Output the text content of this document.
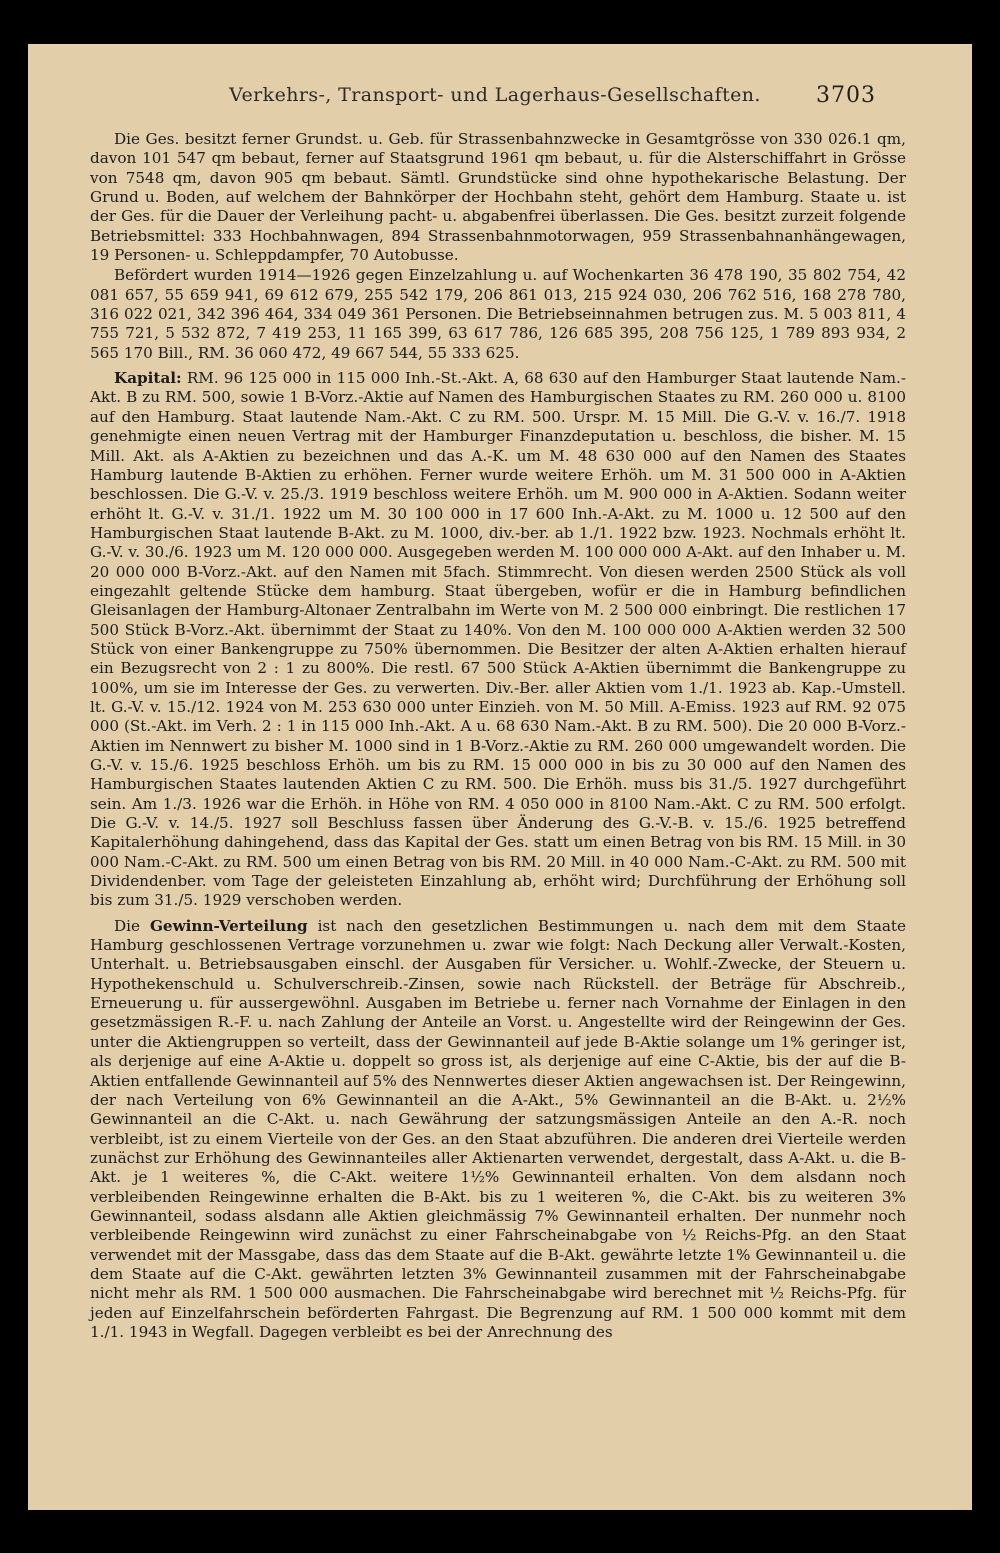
Verkehrs-, Transport- und Lagerhaus-Gesellschaften.	3703

Die Ges. besitzt ferner Grundst. u. Geb. für Strassenbahnzwecke in Gesamtgrösse von 330 026.1 qm, davon 101 547 qm bebaut, ferner auf Staatsgrund 1961 qm bebaut, u. für die Alsterschiffahrt in Grösse von 7548 qm, davon 905 qm bebaut. Sämtl. Grundstücke sind ohne hypothekarische Belastung. Der Grund u. Boden, auf welchem der Bahnkörper der Hochbahn steht, gehört dem Hamburg. Staate u. ist der Ges. für die Dauer der Verleihung pacht- u. abgabenfrei überlassen. Die Ges. besitzt zurzeit folgende Betriebsmittel: 333 Hochbahnwagen, 894 Strassenbahnmotorwagen, 959 Strassenbahnanhängewagen, 19 Personen- u. Schleppdampfer, 70 Autobusse.

Befördert wurden 1914—1926 gegen Einzelzahlung u. auf Wochenkarten 36 478 190, 35 802 754, 42 081 657, 55 659 941, 69 612 679, 255 542 179, 206 861 013, 215 924 030, 206 762 516, 168 278 780, 316 022 021, 342 396 464, 334 049 361 Personen. Die Betriebseinnahmen betrugen zus. M. 5 003 811, 4 755 721, 5 532 872, 7 419 253, 11 165 399, 63 617 786, 126 685 395, 208 756 125, 1 789 893 934, 2 565 170 Bill., RM. 36 060 472, 49 667 544, 55 333 625.

Kapital: RM. 96 125 000 in 115 000 Inh.-St.-Akt. A, 68 630 auf den Hamburger Staat lautende Nam.-Akt. B zu RM. 500, sowie 1 B-Vorz.-Aktie auf Namen des Hamburgischen Staates zu RM. 260 000 u. 8100 auf den Hamburg. Staat lautende Nam.-Akt. C zu RM. 500. Urspr. M. 15 Mill. Die G.-V. v. 16./7. 1918 genehmigte einen neuen Vertrag mit der Hamburger Finanzdeputation u. beschloss, die bisher. M. 15 Mill. Akt. als A-Aktien zu bezeichnen und das A.-K. um M. 48 630 000 auf den Namen des Staates Hamburg lautende B-Aktien zu erhöhen. Ferner wurde weitere Erhöh. um M. 31 500 000 in A-Aktien beschlossen. Die G.-V. v. 25./3. 1919 beschloss weitere Erhöh. um M. 900 000 in A-Aktien. Sodann weiter erhöht lt. G.-V. v. 31./1. 1922 um M. 30 100 000 in 17 600 Inh.-A-Akt. zu M. 1000 u. 12 500 auf den Hamburgischen Staat lautende B-Akt. zu M. 1000, div.-ber. ab 1./1. 1922 bzw. 1923. Nochmals erhöht lt. G.-V. v. 30./6. 1923 um M. 120 000 000. Ausgegeben werden M. 100 000 000 A-Akt. auf den Inhaber u. M. 20 000 000 B-Vorz.-Akt. auf den Namen mit 5fach. Stimmrecht. Von diesen werden 2500 Stück als voll eingezahlt geltende Stücke dem hamburg. Staat übergeben, wofür er die in Hamburg befindlichen Gleisanlagen der Hamburg-Altonaer Zentralbahn im Werte von M. 2 500 000 einbringt. Die restlichen 17 500 Stück B-Vorz.-Akt. übernimmt der Staat zu 140%. Von den M. 100 000 000 A-Aktien werden 32 500 Stück von einer Bankengruppe zu 750% übernommen. Die Besitzer der alten A-Aktien erhalten hierauf ein Bezugsrecht von 2 : 1 zu 800%. Die restl. 67 500 Stück A-Aktien übernimmt die Bankengruppe zu 100%, um sie im Interesse der Ges. zu verwerten. Div.-Ber. aller Aktien vom 1./1. 1923 ab. Kap.-Umstell. lt. G.-V. v. 15./12. 1924 von M. 253 630 000 unter Einzieh. von M. 50 Mill. A-Emiss. 1923 auf RM. 92 075 000 (St.-Akt. im Verh. 2 : 1 in 115 000 Inh.-Akt. A u. 68 630 Nam.-Akt. B zu RM. 500). Die 20 000 B-Vorz.-Aktien im Nennwert zu bisher M. 1000 sind in 1 B-Vorz.-Aktie zu RM. 260 000 umgewandelt worden. Die G.-V. v. 15./6. 1925 beschloss Erhöh. um bis zu RM. 15 000 000 in bis zu 30 000 auf den Namen des Hamburgischen Staates lautenden Aktien C zu RM. 500. Die Erhöh. muss bis 31./5. 1927 durchgeführt sein. Am 1./3. 1926 war die Erhöh. in Höhe von RM. 4 050 000 in 8100 Nam.-Akt. C zu RM. 500 erfolgt. Die G.-V. v. 14./5. 1927 soll Beschluss fassen über Änderung des G.-V.-B. v. 15./6. 1925 betreffend Kapitalerhöhung dahingehend, dass das Kapital der Ges. statt um einen Betrag von bis RM. 15 Mill. in 30 000 Nam.-C-Akt. zu RM. 500 um einen Betrag von bis RM. 20 Mill. in 40 000 Nam.-C-Akt. zu RM. 500 mit Dividendenber. vom Tage der geleisteten Einzahlung ab, erhöht wird; Durchführung der Erhöhung soll bis zum 31./5. 1929 verschoben werden.

Die Gewinn-Verteilung ist nach den gesetzlichen Bestimmungen u. nach dem mit dem Staate Hamburg geschlossenen Vertrage vorzunehmen u. zwar wie folgt: Nach Deckung aller Verwalt.-Kosten, Unterhalt. u. Betriebsausgaben einschl. der Ausgaben für Versicher. u. Wohlf.-Zwecke, der Steuern u. Hypothekenschuld u. Schulverschreib.-Zinsen, sowie nach Rückstell. der Beträge für Abschreib., Erneuerung u. für aussergewöhnl. Ausgaben im Betriebe u. ferner nach Vornahme der Einlagen in den gesetzmässigen R.-F. u. nach Zahlung der Anteile an Vorst. u. Angestellte wird der Reingewinn der Ges. unter die Aktiengruppen so verteilt, dass der Gewinnanteil auf jede B-Aktie solange um 1% geringer ist, als derjenige auf eine A-Aktie u. doppelt so gross ist, als derjenige auf eine C-Aktie, bis der auf die B-Aktien entfallende Gewinnanteil auf 5% des Nennwertes dieser Aktien angewachsen ist. Der Reingewinn, der nach Verteilung von 6% Gewinnanteil an die A-Akt., 5% Gewinnanteil an die B-Akt. u. 2½% Gewinnanteil an die C-Akt. u. nach Gewährung der satzungsmässigen Anteile an den A.-R. noch verbleibt, ist zu einem Vierteile von der Ges. an den Staat abzuführen. Die anderen drei Vierteile werden zunächst zur Erhöhung des Gewinnanteiles aller Aktienarten verwendet, dergestalt, dass A-Akt. u. die B-Akt. je 1 weiteres %, die C-Akt. weitere 1½% Gewinnanteil erhalten. Von dem alsdann noch verbleibenden Reingewinne erhalten die B-Akt. bis zu 1 weiteren %, die C-Akt. bis zu weiteren 3% Gewinnanteil, sodass alsdann alle Aktien gleichmässig 7% Gewinnanteil erhalten. Der nunmehr noch verbleibende Reingewinn wird zunächst zu einer Fahrscheinabgabe von ½ Reichs-Pfg. an den Staat verwendet mit der Massgabe, dass das dem Staate auf die B-Akt. gewährte letzte 1% Gewinnanteil u. die dem Staate auf die C-Akt. gewährten letzten 3% Gewinnanteil zusammen mit der Fahrscheinabgabe nicht mehr als RM. 1 500 000 ausmachen. Die Fahrscheinabgabe wird berechnet mit ½ Reichs-Pfg. für jeden auf Einzelfahrschein beförderten Fahrgast. Die Begrenzung auf RM. 1 500 000 kommt mit dem 1./1. 1943 in Wegfall. Dagegen verbleibt es bei der Anrechnung des
